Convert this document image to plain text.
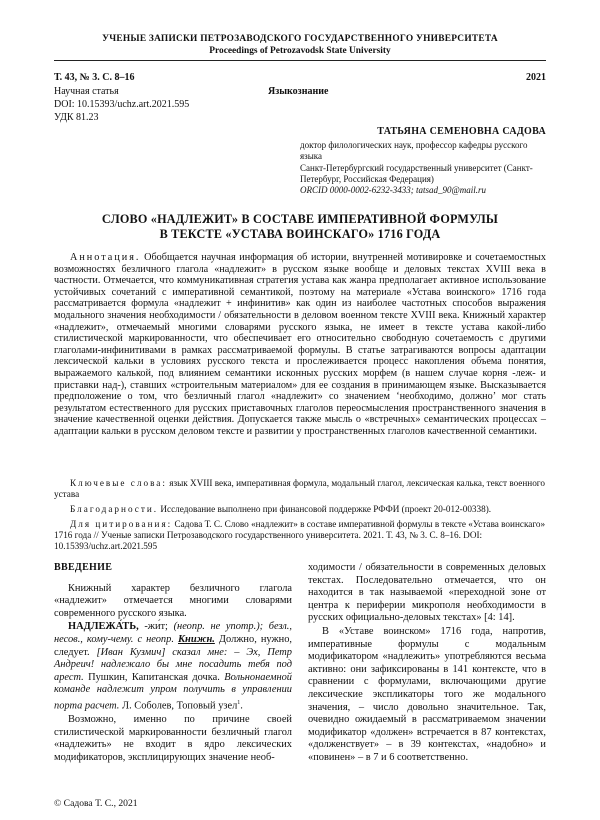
УЧЕНЫЕ ЗАПИСКИ ПЕТРОЗАВОДСКОГО ГОСУДАРСТВЕННОГО УНИВЕРСИТЕТА
Proceedings of Petrozavodsk State University
Т. 43, № 3. С. 8–16	2021
Научная статья	Языкознание
DOI: 10.15393/uchz.art.2021.595
УДК 81.23
ТАТЬЯНА СЕМЕНОВНА САДОВА
доктор филологических наук, профессор кафедры русского языка
Санкт-Петербургский государственный университет (Санкт-Петербург, Российская Федерация)
ORCID 0000-0002-6232-3433; tatsad_90@mail.ru
СЛОВО «НАДЛЕЖИТ» В СОСТАВЕ ИМПЕРАТИВНОЙ ФОРМУЛЫ
В ТЕКСТЕ «УСТАВА ВОИНСКАГО» 1716 ГОДА
Аннотация. Обобщается научная информация об истории, внутренней мотивировке и сочетаемостных возможностях безличного глагола «надлежит» в русском языке вообще и деловых текстах XVIII века в частности. Отмечается, что коммуникативная стратегия устава как жанра предполагает активное использование устойчивых сочетаний с императивной семантикой, поэтому на материале «Устава воинского» 1716 года рассматривается формула «надлежит + инфинитив» как один из наиболее частотных способов выражения модального значения необходимости / обязательности в деловом военном тексте XVIII века. Книжный характер «надлежит», отмечаемый многими словарями русского языка, не имеет в тексте устава какой-либо стилистической маркированности, что обеспечивает его относительно свободную сочетаемость с другими глаголами-инфинитивами в рамках рассматриваемой формулы. В статье затрагиваются вопросы адаптации лексической кальки в условиях русского текста и прослеживается процесс накопления объема понятия, выражаемого калькой, под влиянием семантики исконных русских морфем (в нашем случае корня -леж- и приставки над-), ставших «строительным материалом» для ее создания в принимающем языке. Высказывается предположение о том, что безличный глагол «надлежит» со значением ‘необходимо, должно’ мог стать результатом естественного для русских приставочных глаголов переосмысления пространственного значения в значение качественной оценки действия. Допускается также мысль о «встречных» семантических процессах – адаптации кальки в русском деловом тексте и развитии у пространственных глаголов качественной семантики.
Ключевые слова: язык XVIII века, императивная формула, модальный глагол, лексическая калька, текст военного устава
Благодарности. Исследование выполнено при финансовой поддержке РФФИ (проект 20-012-00338).
Для цитирования: Садова Т. С. Слово «надлежит» в составе императивной формулы в тексте «Устава воинскаго» 1716 года // Ученые записки Петрозаводского государственного университета. 2021. Т. 43, № 3. С. 8–16. DOI: 10.15393/uchz.art.2021.595
ВВЕДЕНИЕ

Книжный характер безличного глагола «надлежит» отмечается многими словарями современного русского языка.

НАДЛЕЖА́ТЬ, -жи́т; (неопр. не употр.); безл., несов., кому-чему. с неопр. Книжн. Должно, нужно, следует. [Иван Кузмич] сказал мне: – Эх, Петр Андреич! надлежало бы мне посадить тебя под арест. Пушкин, Капитанская дочка. Вольнонаемной команде надлежит упром получить в управлении порта расчет. Л. Соболев, Топовый узел$^1$.

Возможно, именно по причине своей стилистической маркированности безличный глагол «надлежить» не входит в ядро лексических модификаторов, эксплицирующих значение необ-

ходимости / обязательности в современных деловых текстах. Последовательно отмечается, что он находится в так называемой «переходной зоне от центра к периферии микрополя необходимости в русских официально-деловых текстах» [4: 14].

В «Уставе воинском» 1716 года, напротив, императивные формулы с модальным модификатором «надлежить» употребляются весьма активно: они зафиксированы в 141 контексте, что в сравнении с формулами, включающими другие лексические экспликаторы того же модального значения, – число довольно значительное. Так, очевидно ожидаемый в рассматриваемом значении модификатор «должен» встречается в 87 контекстах, «долженствует» – в 39 контекстах, «надобно» и «повинен» – в 7 и 6 соответственно.

© Садова Т. С., 2021
